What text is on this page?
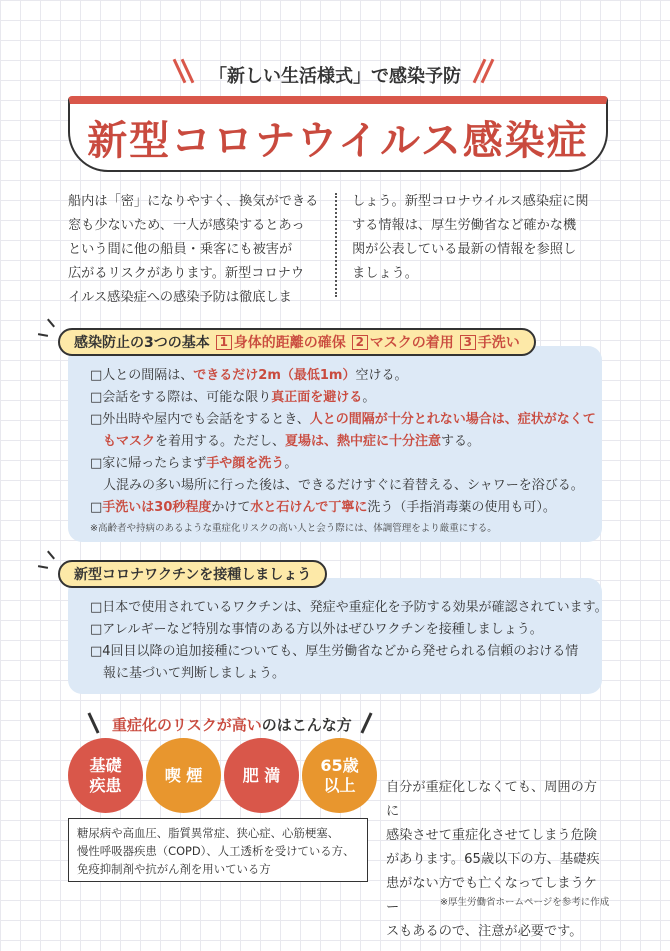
「新しい生活様式」で感染予防
新型コロナウイルス感染症
船内は「密」になりやすく、換気ができる
窓も少ないため、一人が感染するとあっ
という間に他の船員・乗客にも被害が
広がるリスクがあります。新型コロナウ
イルス感染症への感染予防は徹底しま
しょう。新型コロナウイルス感染症に関
する情報は、厚生労働省など確かな機
関が公表している最新の情報を参照し
ましょう。
感染防止の3つの基本 1 身体的距離の確保 2 マスクの着用 3 手洗い
□人との間隔は、できるだけ2m（最低1m）空ける。
□会話をする際は、可能な限り真正面を避ける。
□外出時や屋内でも会話をするとき、人との間隔が十分とれない場合は、症状がなくて
もマスクを着用する。ただし、夏場は、熱中症に十分注意する。
□家に帰ったらまず手や顔を洗う。
人混みの多い場所に行った後は、できるだけすぐに着替える、シャワーを浴びる。
□手洗いは30秒程度かけて水と石けんで丁寧に洗う（手指消毒薬の使用も可）。
※高齢者や持病のあるような重症化リスクの高い人と会う際には、体調管理をより厳重にする。
新型コロナワクチンを接種しましょう
□日本で使用されているワクチンは、発症や重症化を予防する効果が確認されています。
□アレルギーなど特別な事情のある方以外はぜひワクチンを接種しましょう。
□4回目以降の追加接種についても、厚生労働省などから発せられる信頼のおける情
報に基づいて判断しましょう。
重症化のリスクが高いのはこんな方
基礎
疾患
喫 煙	肥 満
65歳
以上
糖尿病や高血圧、脂質異常症、狭心症、心筋梗塞、
慢性呼吸器疾患（COPD）、人工透析を受けている方、
免疫抑制剤や抗がん剤を用いている方
自分が重症化しなくても、周囲の方に
感染させて重症化させてしまう危険
があります。65歳以下の方、基礎疾
患がない方でも亡くなってしまうケー
スもあるので、注意が必要です。
※厚生労働省ホームページを参考に作成
